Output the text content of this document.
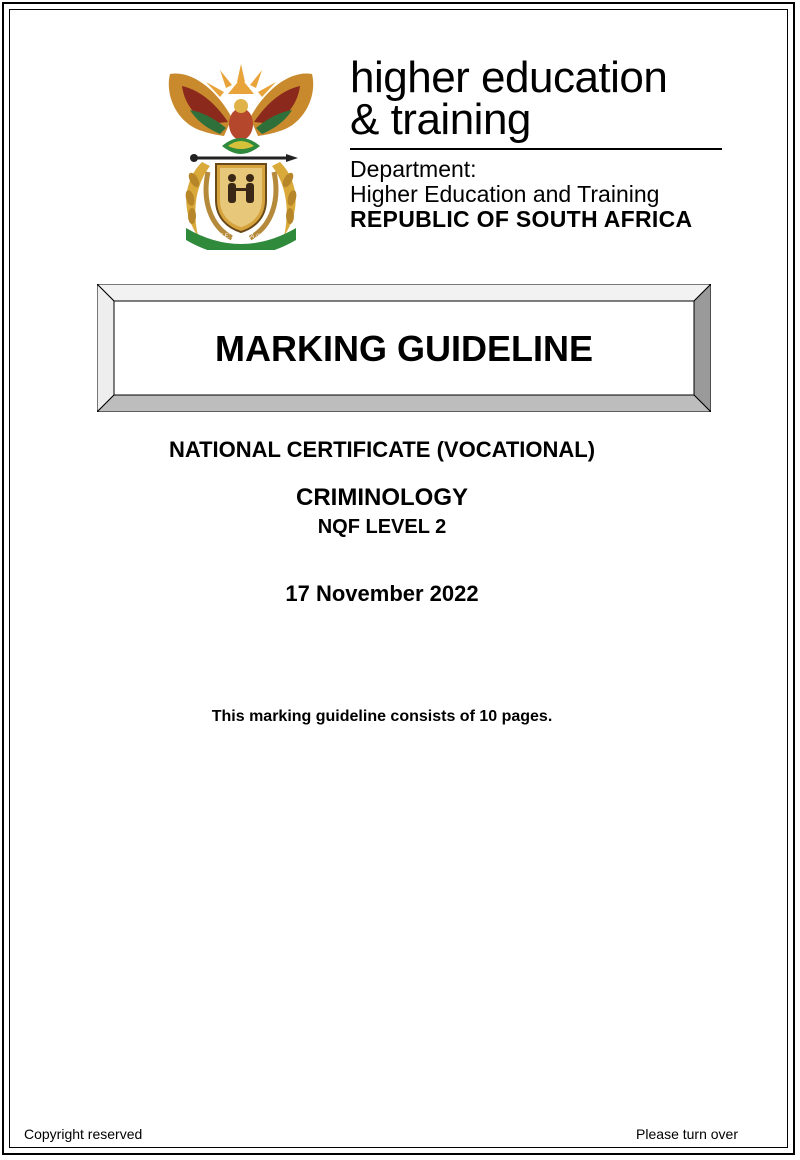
!KE E: /XARRA //KE
higher education
& training
Department:
Higher Education and Training
REPUBLIC OF SOUTH AFRICA
MARKING GUIDELINE
NATIONAL CERTIFICATE (VOCATIONAL)
CRIMINOLOGY
NQF LEVEL 2
17 November 2022
This marking guideline consists of 10 pages.
Copyright reserved	Please turn over
